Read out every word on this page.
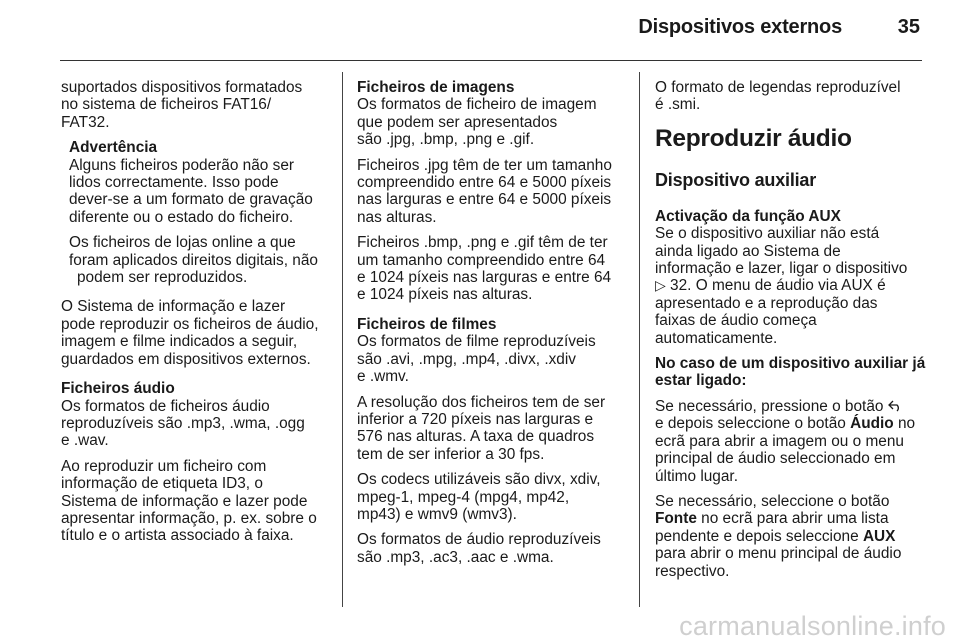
Dispositivos externos	35

suportados dispositivos formatados
no sistema de ficheiros FAT16/
FAT32.

Advertência

Alguns ficheiros poderão não ser
lidos correctamente. Isso pode
dever-se a um formato de gravação
diferente ou o estado do ficheiro.

Os ficheiros de lojas online a que
foram aplicados direitos digitais, não
podem ser reproduzidos.

O Sistema de informação e lazer
pode reproduzir os ficheiros de áudio,
imagem e filme indicados a seguir,
guardados em dispositivos externos.

Ficheiros áudio

Os formatos de ficheiros áudio
reproduzíveis são .mp3, .wma, .ogg
e .wav.

Ao reproduzir um ficheiro com
informação de etiqueta ID3, o
Sistema de informação e lazer pode
apresentar informação, p. ex. sobre o
título e o artista associado à faixa.

Ficheiros de imagens

Os formatos de ficheiro de imagem
que podem ser apresentados
são .jpg, .bmp, .png e .gif.

Ficheiros .jpg têm de ter um tamanho
compreendido entre 64 e 5000 píxeis
nas larguras e entre 64 e 5000 píxeis
nas alturas.

Ficheiros .bmp, .png e .gif têm de ter
um tamanho compreendido entre 64
e 1024 píxeis nas larguras e entre 64
e 1024 píxeis nas alturas.

Ficheiros de filmes

Os formatos de filme reproduzíveis
são .avi, .mpg, .mp4, .divx, .xdiv
e .wmv.

A resolução dos ficheiros tem de ser
inferior a 720 píxeis nas larguras e
576 nas alturas. A taxa de quadros
tem de ser inferior a 30 fps.

Os codecs utilizáveis são divx, xdiv,
mpeg-1, mpeg-4 (mpg4, mp42,
mp43) e wmv9 (wmv3).

Os formatos de áudio reproduzíveis
são .mp3, .ac3, .aac e .wma.

O formato de legendas reproduzível
é .smi.

Reproduzir áudio
Dispositivo auxiliar

Activação da função AUX

Se o dispositivo auxiliar não está
ainda ligado ao Sistema de
informação e lazer, ligar o dispositivo
▷ 32. O menu de áudio via AUX é
apresentado e a reprodução das
faixas de áudio começa
automaticamente.

No caso de um dispositivo auxiliar já
estar ligado:

Se necessário, pressione o botão
e depois seleccione o botão Áudio no
ecrã para abrir a imagem ou o menu
principal de áudio seleccionado em
último lugar.

Se necessário, seleccione o botão
Fonte no ecrã para abrir uma lista
pendente e depois seleccione AUX
para abrir o menu principal de áudio
respectivo.

carmanualsonline.info
